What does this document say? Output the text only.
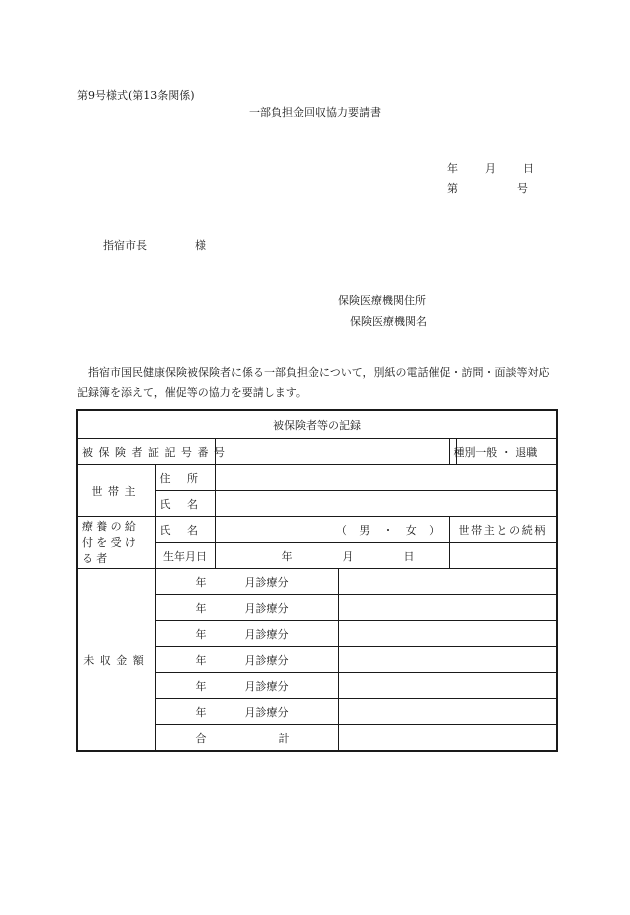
第9号様式(第13条関係)
一部負担金回収協力要請書
年 月 日
第	号
指宿市長	様
保険医療機関住所
保険医療機関名
指宿市国民健康保険被保険者に係る一部負担金について，別紙の電話催促・訪問・面談等対応記録簿を添えて，催促等の協力を要請します。
被保険者等の記録					
被保険者証記号番号				種別	一般 ・ 退職
世帯主	住所				
	氏名				
療養の給付を受ける者	氏名	（ 男 ・ 女 ）		世帯主との続柄	
	生年月日	年 月 日			
未収金額	年 月診療分				
	年 月診療分				
	年 月診療分				
	年 月診療分				
	年 月診療分				
	年 月診療分				
	合 計				
